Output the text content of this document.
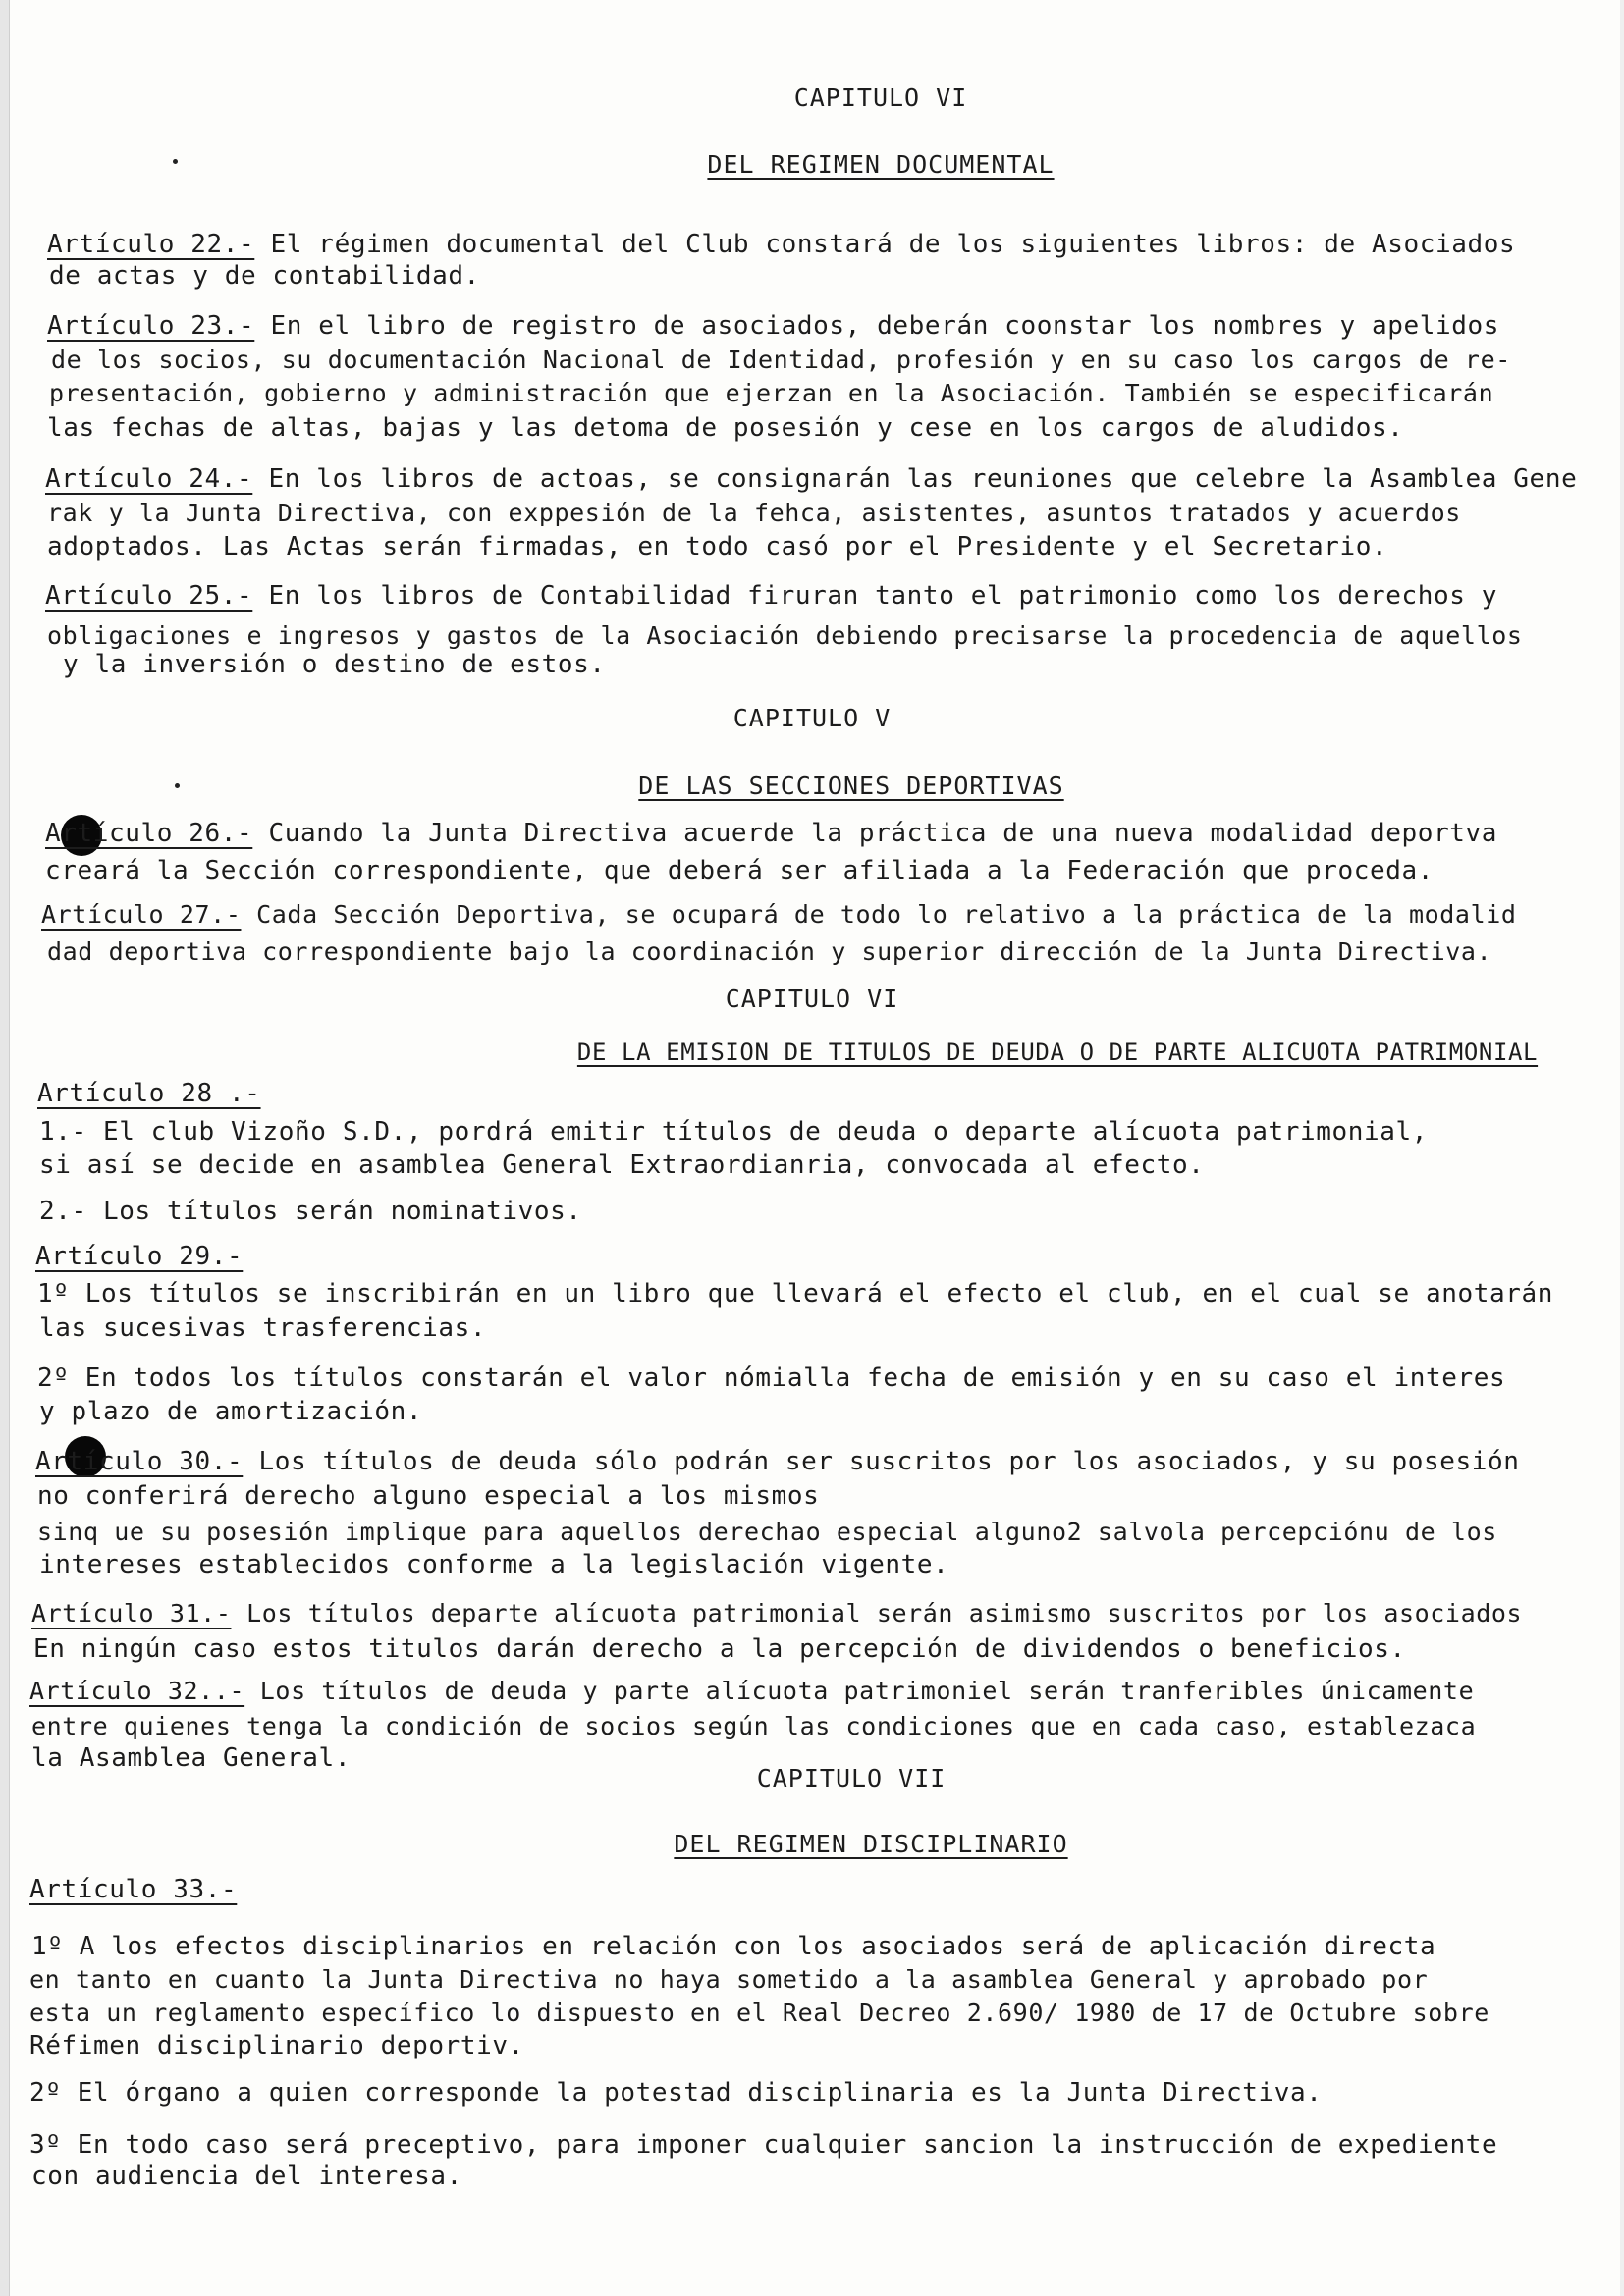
CAPITULO VI
DEL REGIMEN DOCUMENTAL
Artículo 22.- El régimen documental del Club constará de los siguientes libros: de Asociados
de actas y de contabilidad.
Artículo 23.- En el libro de registro de asociados, deberán coonstar los nombres y apelidos
de los socios, su documentación Nacional de Identidad, profesión y en su caso los cargos de re-
presentación, gobierno y administración que ejerzan en la Asociación. También se especificarán
las fechas de altas, bajas y las detoma de posesión y cese en los cargos de aludidos.
Artículo 24.- En los libros de actoas, se consignarán las reuniones que celebre la Asamblea Gene
rak y la Junta Directiva, con exppesión de la fehca, asistentes, asuntos tratados y acuerdos
adoptados. Las Actas serán firmadas, en todo casó por el Presidente y el Secretario.
Artículo 25.- En los libros de Contabilidad firuran tanto el patrimonio como los derechos y
obligaciones e ingresos y gastos de la Asociación debiendo precisarse la procedencia de aquellos
y la inversión o destino de estos.
CAPITULO V
DE LAS SECCIONES DEPORTIVAS
Artículo 26.- Cuando la Junta Directiva acuerde la práctica de una nueva modalidad deportva
creará la Sección correspondiente, que deberá ser afiliada a la Federación que proceda.
Artículo 27.- Cada Sección Deportiva, se ocupará de todo lo relativo a la práctica de la modalid
dad deportiva correspondiente bajo la coordinación y superior dirección de la Junta Directiva.
CAPITULO VI
DE LA EMISION DE TITULOS DE DEUDA O DE PARTE ALICUOTA PATRIMONIAL
Artículo 28 .-
1.- El club Vizoño S.D., pordrá emitir títulos de deuda o departe alícuota patrimonial,
si así se decide en asamblea General Extraordianria, convocada al efecto.
2.- Los títulos serán nominativos.
Artículo 29.-
1º Los títulos se inscribirán en un libro que llevará el efecto el club, en el cual se anotarán
las sucesivas trasferencias.
2º En todos los títulos constarán el valor nómialla fecha de emisión y en su caso el interes
y plazo de amortización.
Artículo 30.- Los títulos de deuda sólo podrán ser suscritos por los asociados, y su posesión
no conferirá derecho alguno especial a los mismos
sinq ue su posesión implique para aquellos derechao especial alguno2 salvola percepciónu de los
intereses establecidos conforme a la legislación vigente.
Artículo 31.- Los títulos departe alícuota patrimonial serán asimismo suscritos por los asociados
En ningún caso estos titulos darán derecho a la percepción de dividendos o beneficios.
Artículo 32..- Los títulos de deuda y parte alícuota patrimoniel serán tranferibles únicamente
entre quienes tenga la condición de socios según las condiciones que en cada caso, establezaca
la Asamblea General.
CAPITULO VII
DEL REGIMEN DISCIPLINARIO
Artículo 33.-
1º A los efectos disciplinarios en relación con los asociados será de aplicación directa
en tanto en cuanto la Junta Directiva no haya sometido a la asamblea General y aprobado por
esta un reglamento específico lo dispuesto en el Real Decreo 2.690/ 1980 de 17 de Octubre sobre
Réfimen disciplinario deportiv.
2º El órgano a quien corresponde la potestad disciplinaria es la Junta Directiva.
3º En todo caso será preceptivo, para imponer cualquier sancion la instrucción de expediente
con audiencia del interesa.
